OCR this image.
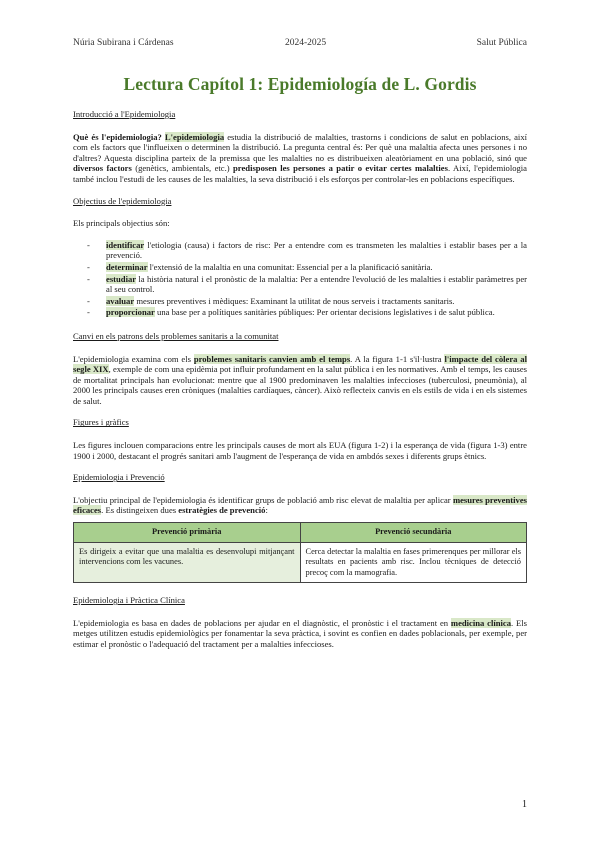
Núria Subirana i Cárdenas	2024-2025	Salut Pública
Lectura Capítol 1: Epidemiología de L. Gordis
Introducció a l'Epidemiologia

Què és l'epidemiologia? L'epidemiologia estudia la distribució de malalties, trastorns i condicions de salut en poblacions, així com els factors que l'influeixen o determinen la distribució. La pregunta central és: Per què una malaltia afecta unes persones i no d'altres? Aquesta disciplina parteix de la premissa que les malalties no es distribueixen aleatòriament en una població, sinó que diversos factors (genètics, ambientals, etc.) predisposen les persones a patir o evitar certes malalties. Així, l'epidemiologia també inclou l'estudi de les causes de les malalties, la seva distribució i els esforços per controlar-les en poblacions específiques.

Objectius de l'epidemiologia

Els principals objectius són:

- identificar l'etiologia (causa) i factors de risc: Per a entendre com es transmeten les malalties i establir bases per a la prevenció.
- determinar l'extensió de la malaltia en una comunitat: Essencial per a la planificació sanitària.
- estudiar la història natural i el pronòstic de la malaltia: Per a entendre l'evolució de les malalties i establir paràmetres per al seu control.
- avaluar mesures preventives i mèdiques: Examinant la utilitat de nous serveis i tractaments sanitaris.
- proporcionar una base per a polítiques sanitàries públiques: Per orientar decisions legislatives i de salut pública.
Canvi en els patrons dels problemes sanitaris a la comunitat

L'epidemiologia examina com els problemes sanitaris canvien amb el temps. A la figura 1-1 s'il·lustra l'impacte del còlera al segle XIX, exemple de com una epidèmia pot influir profundament en la salut pública i en les normatives. Amb el temps, les causes de mortalitat principals han evolucionat: mentre que al 1900 predominaven les malalties infeccioses (tuberculosi, pneumònia), al 2000 les principals causes eren cròniques (malalties cardíaques, càncer). Això reflecteix canvis en els estils de vida i en els sistemes de salut.

Figures i gràfics

Les figures inclouen comparacions entre les principals causes de mort als EUA (figura 1-2) i la esperança de vida (figura 1-3) entre 1900 i 2000, destacant el progrés sanitari amb l'augment de l'esperança de vida en ambdós sexes i diferents grups ètnics.

Epidemiologia i Prevenció

L'objectiu principal de l'epidemiologia és identificar grups de població amb risc elevat de malaltia per aplicar mesures preventives eficaces. Es distingeixen dues estratègies de prevenció:

Prevenció primària	Prevenció secundària
Es dirigeix a evitar que una malaltia es desenvolupi mitjançant intervencions com les vacunes.	Cerca detectar la malaltia en fases primerenques per millorar els resultats en pacients amb risc. Inclou tècniques de detecció precoç com la mamografia.
Epidemiologia i Pràctica Clínica

L'epidemiologia es basa en dades de poblacions per ajudar en el diagnòstic, el pronòstic i el tractament en medicina clínica. Els metges utilitzen estudis epidemiològics per fonamentar la seva pràctica, i sovint es confien en dades poblacionals, per exemple, per estimar el pronòstic o l'adequació del tractament per a malalties infeccioses.

1
